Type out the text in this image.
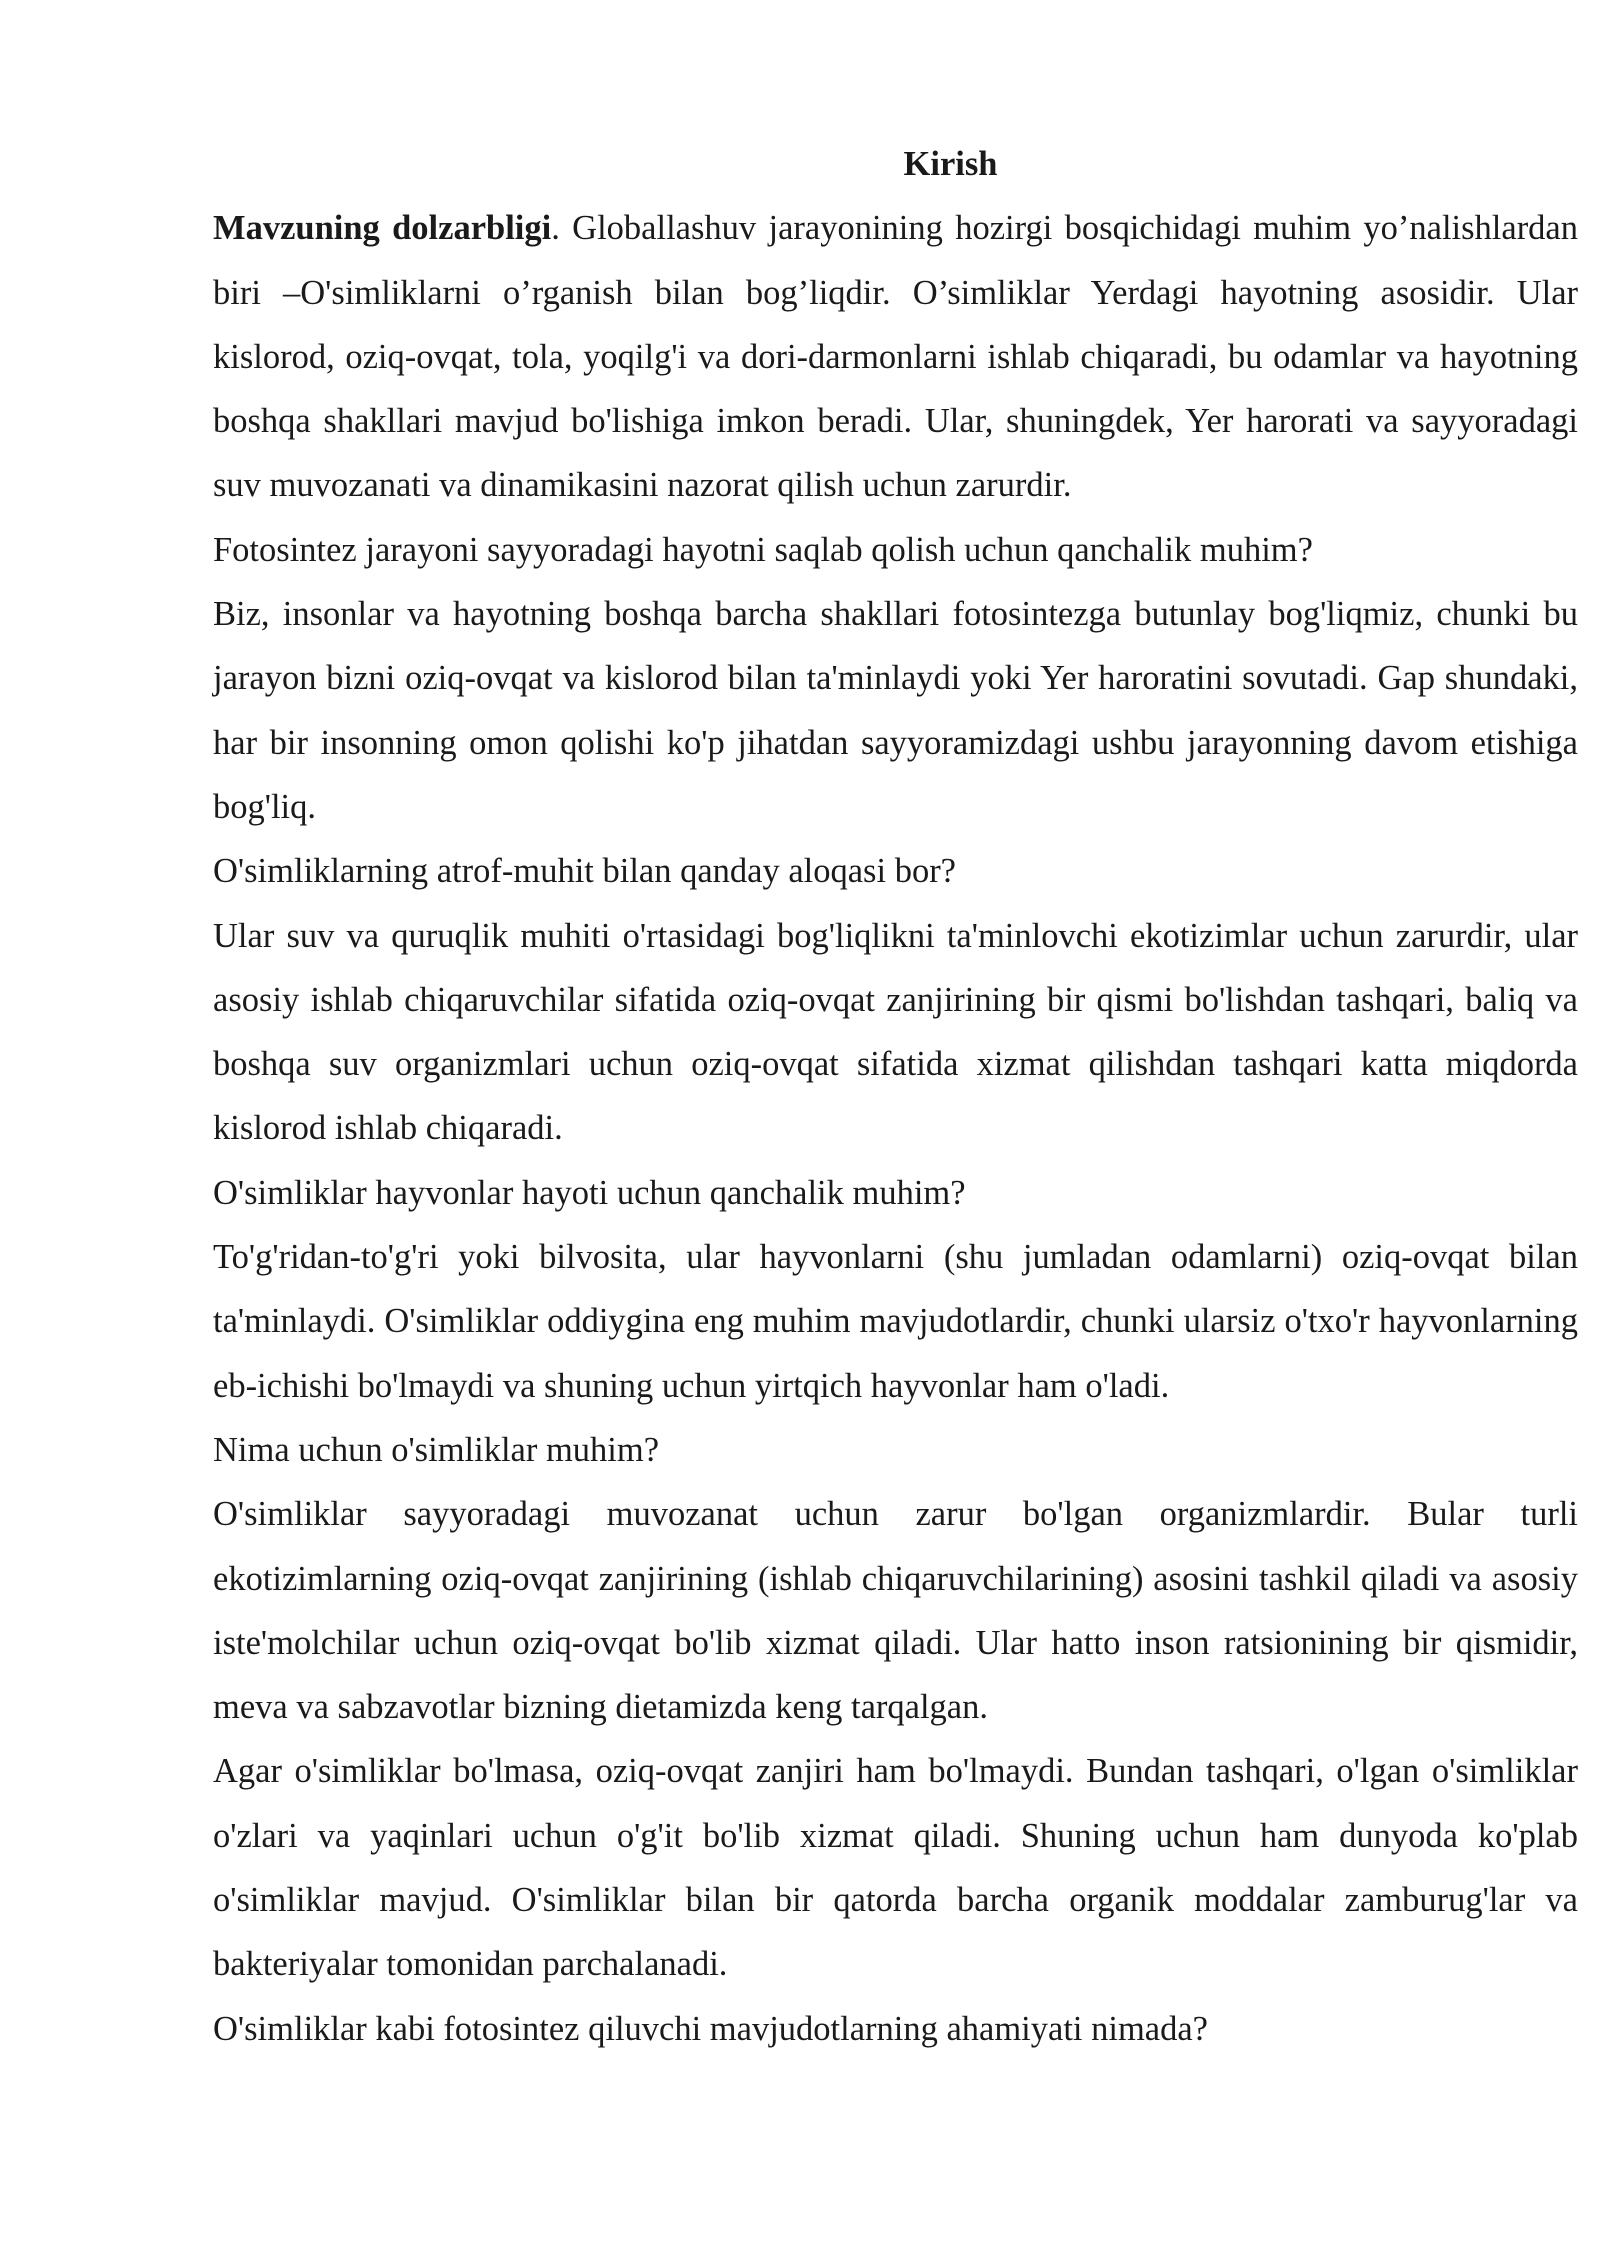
Kirish

Mavzuning dolzarbligi. Globallashuv jarayonining hozirgi bosqichidagi muhim yo’nalishlardan biri –O'simliklarni o’rganish bilan bog’liqdir. O’simliklar Yerdagi hayotning asosidir. Ular kislorod, oziq-ovqat, tola, yoqilg'i va dori-darmonlarni ishlab chiqaradi, bu odamlar va hayotning boshqa shakllari mavjud bo'lishiga imkon beradi. Ular, shuningdek, Yer harorati va sayyoradagi suv muvozanati va dinamikasini nazorat qilish uchun zarurdir.

Fotosintez jarayoni sayyoradagi hayotni saqlab qolish uchun qanchalik muhim?

Biz, insonlar va hayotning boshqa barcha shakllari fotosintezga butunlay bog'liqmiz, chunki bu jarayon bizni oziq-ovqat va kislorod bilan ta'minlaydi yoki Yer haroratini sovutadi. Gap shundaki, har bir insonning omon qolishi ko'p jihatdan sayyoramizdagi ushbu jarayonning davom etishiga bog'liq.

O'simliklarning atrof-muhit bilan qanday aloqasi bor?

Ular suv va quruqlik muhiti o'rtasidagi bog'liqlikni ta'minlovchi ekotizimlar uchun zarurdir, ular asosiy ishlab chiqaruvchilar sifatida oziq-ovqat zanjirining bir qismi bo'lishdan tashqari, baliq va boshqa suv organizmlari uchun oziq-ovqat sifatida xizmat qilishdan tashqari katta miqdorda kislorod ishlab chiqaradi.

O'simliklar hayvonlar hayoti uchun qanchalik muhim?

To'g'ridan-to'g'ri yoki bilvosita, ular hayvonlarni (shu jumladan odamlarni) oziq-ovqat bilan ta'minlaydi. O'simliklar oddiygina eng muhim mavjudotlardir, chunki ularsiz o'txo'r hayvonlarning eb-ichishi bo'lmaydi va shuning uchun yirtqich hayvonlar ham o'ladi.

Nima uchun o'simliklar muhim?

O'simliklar sayyoradagi muvozanat uchun zarur bo'lgan organizmlardir. Bular turli ekotizimlarning oziq-ovqat zanjirining (ishlab chiqaruvchilarining) asosini tashkil qiladi va asosiy iste'molchilar uchun oziq-ovqat bo'lib xizmat qiladi. Ular hatto inson ratsionining bir qismidir, meva va sabzavotlar bizning dietamizda keng tarqalgan.

Agar o'simliklar bo'lmasa, oziq-ovqat zanjiri ham bo'lmaydi. Bundan tashqari, o'lgan o'simliklar o'zlari va yaqinlari uchun o'g'it bo'lib xizmat qiladi. Shuning uchun ham dunyoda ko'plab o'simliklar mavjud. O'simliklar bilan bir qatorda barcha organik moddalar zamburug'lar va bakteriyalar tomonidan parchalanadi.

O'simliklar kabi fotosintez qiluvchi mavjudotlarning ahamiyati nimada?
